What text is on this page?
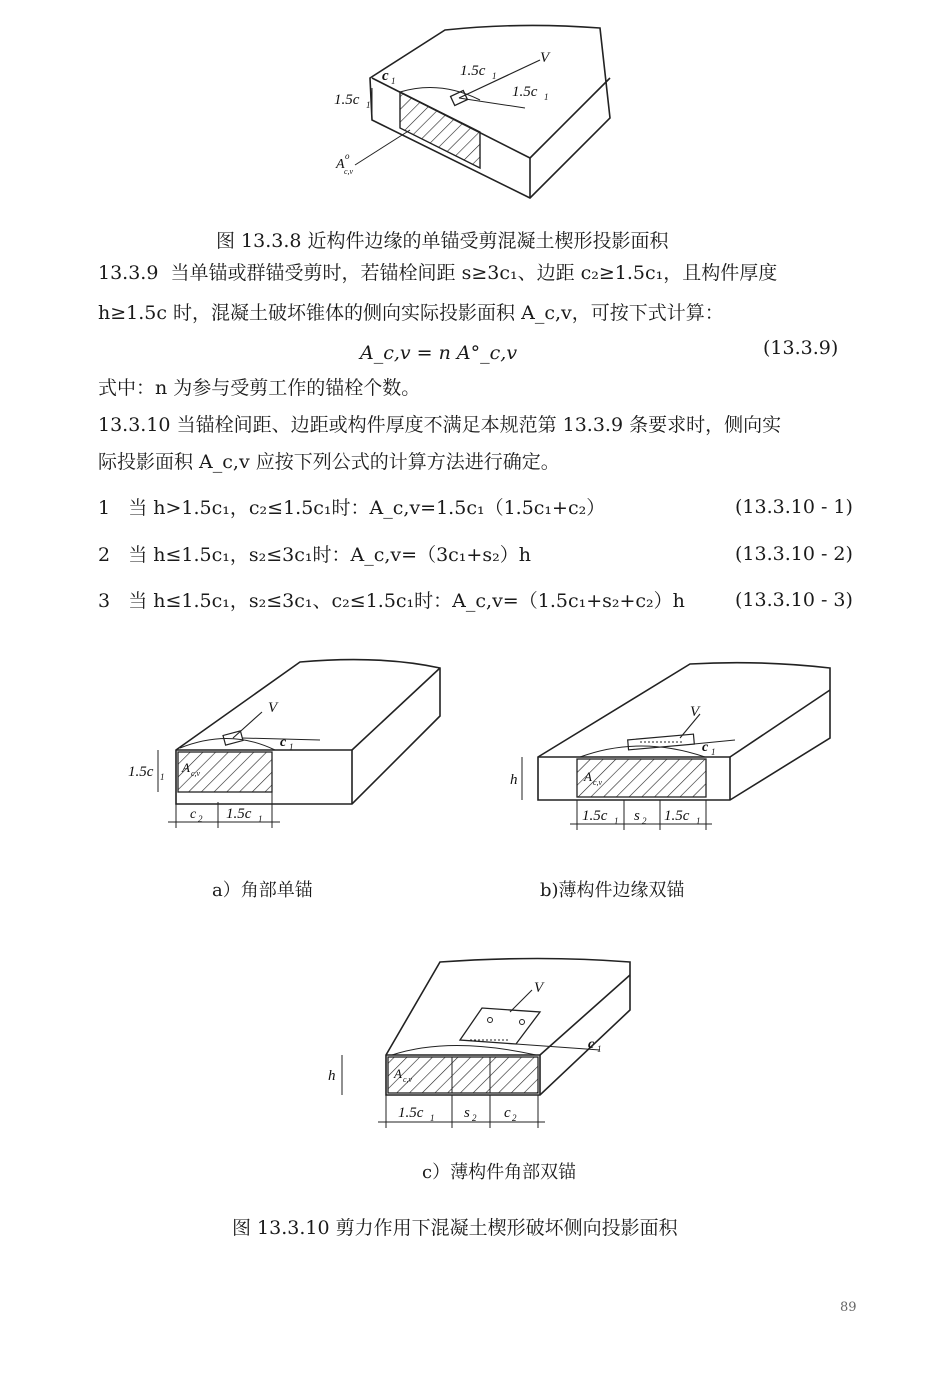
V
c 1
1.5c 1
1.5c 1
1.5c 1
A
o
c,v
图 13.3.8 近构件边缘的单锚受剪混凝土楔形投影面积
13.3.9 当单锚或群锚受剪时，若锚栓间距 s≥3c₁、边距 c₂≥1.5c₁，且构件厚度
h≥1.5c 时，混凝土破坏锥体的侧向实际投影面积 A_c,v，可按下式计算：
A_c,v = n A°_c,v	(13.3.9)
式中：n 为参与受剪工作的锚栓个数。
13.3.10 当锚栓间距、边距或构件厚度不满足本规范第 13.3.9 条要求时，侧向实
际投影面积 A_c,v 应按下列公式的计算方法进行确定。
1 当 h>1.5c₁，c₂≤1.5c₁时：A_c,v=1.5c₁（1.5c₁+c₂）	(13.3.10 - 1)
2 当 h≤1.5c₁，s₂≤3c₁时：A_c,v=（3c₁+s₂）h	(13.3.10 - 2)
3 当 h≤1.5c₁，s₂≤3c₁、c₂≤1.5c₁时：A_c,v=（1.5c₁+s₂+c₂）h	(13.3.10 - 3)
V
c 1
1.5c 1
A c,v
c 2 1.5c 1
a）角部单锚
V
c 1
h	A c,v
1.5c 1 s 2 1.5c 1
b)薄构件边缘双锚
V
c 1
h	A c,v
1.5c 1 s 2 c 2
c）薄构件角部双锚
图 13.3.10 剪力作用下混凝土楔形破坏侧向投影面积
89
